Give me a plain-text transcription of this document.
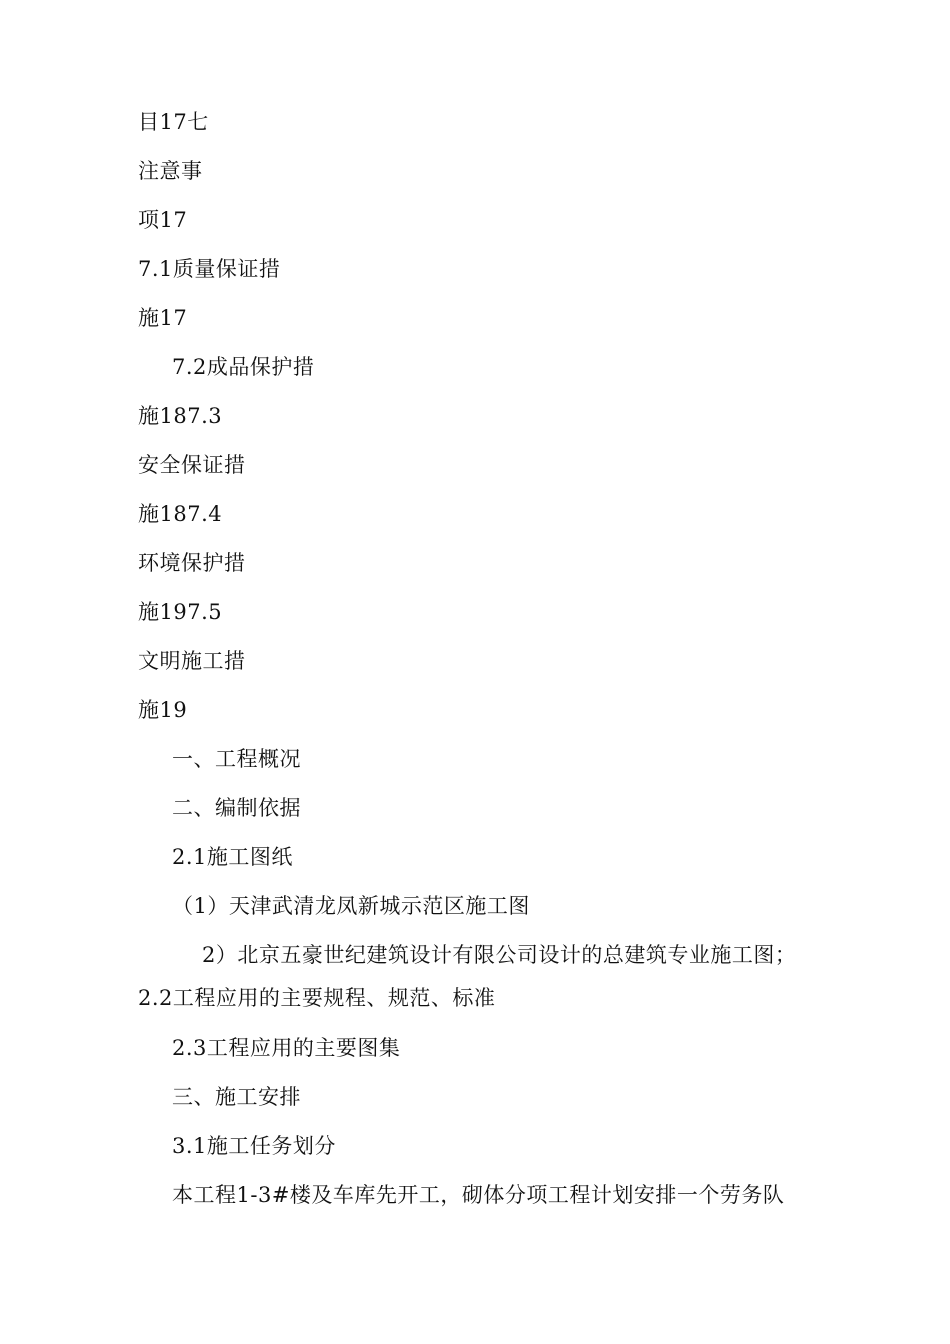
目17七
注意事
项17
7.1质量保证措
施17
7.2成品保护措
施187.3
安全保证措
施187.4
环境保护措
施197.5
文明施工措
施19
一、工程概况
二、编制依据
2.1施工图纸
（1）天津武清龙凤新城示范区施工图
2）北京五豪世纪建筑设计有限公司设计的总建筑专业施工图；
2.2工程应用的主要规程、规范、标准
2.3工程应用的主要图集
三、施工安排
3.1施工任务划分
本工程1-3#楼及车库先开工，砌体分项工程计划安排一个劳务队
